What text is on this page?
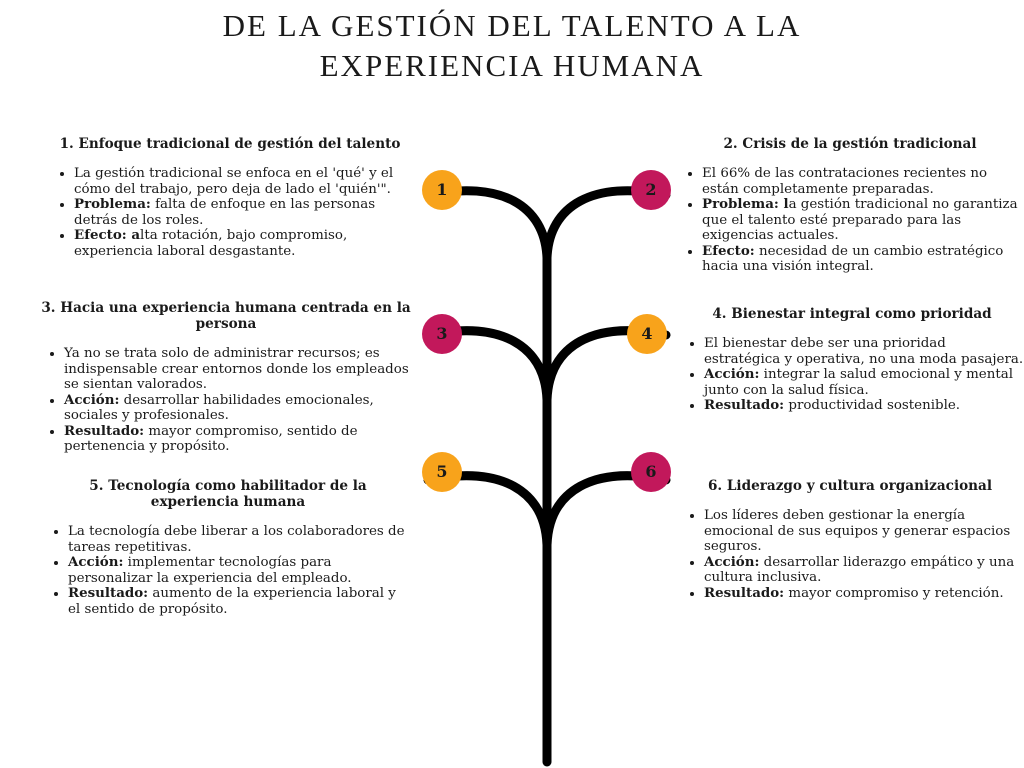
DE LA GESTIÓN DEL TALENTO A LA
EXPERIENCIA HUMANA
1	2
3	4
5	6
1. Enfoque tradicional de gestión del talento
• La gestión tradicional se enfoca en el 'qué' y el cómo del trabajo, pero deja de lado el 'quién'".
• Problema: falta de enfoque en las personas detrás de los roles.
• Efecto: alta rotación, bajo compromiso, experiencia laboral desgastante.
2. Crisis de la gestión tradicional
• El 66% de las contrataciones recientes no están completamente preparadas.
• Problema: la gestión tradicional no garantiza que el talento esté preparado para las exigencias actuales.
• Efecto: necesidad de un cambio estratégico hacia una visión integral.
3. Hacia una experiencia humana centrada en la persona
• Ya no se trata solo de administrar recursos; es indispensable crear entornos donde los empleados se sientan valorados.
• Acción: desarrollar habilidades emocionales, sociales y profesionales.
• Resultado: mayor compromiso, sentido de pertenencia y propósito.
4. Bienestar integral como prioridad
• El bienestar debe ser una prioridad estratégica y operativa, no una moda pasajera.
• Acción: integrar la salud emocional y mental junto con la salud física.
• Resultado: productividad sostenible.
5. Tecnología como habilitador de la experiencia humana
• La tecnología debe liberar a los colaboradores de tareas repetitivas.
• Acción: implementar tecnologías para personalizar la experiencia del empleado.
• Resultado: aumento de la experiencia laboral y el sentido de propósito.
6. Liderazgo y cultura organizacional
• Los líderes deben gestionar la energía emocional de sus equipos y generar espacios seguros.
• Acción: desarrollar liderazgo empático y una cultura inclusiva.
• Resultado: mayor compromiso y retención.
